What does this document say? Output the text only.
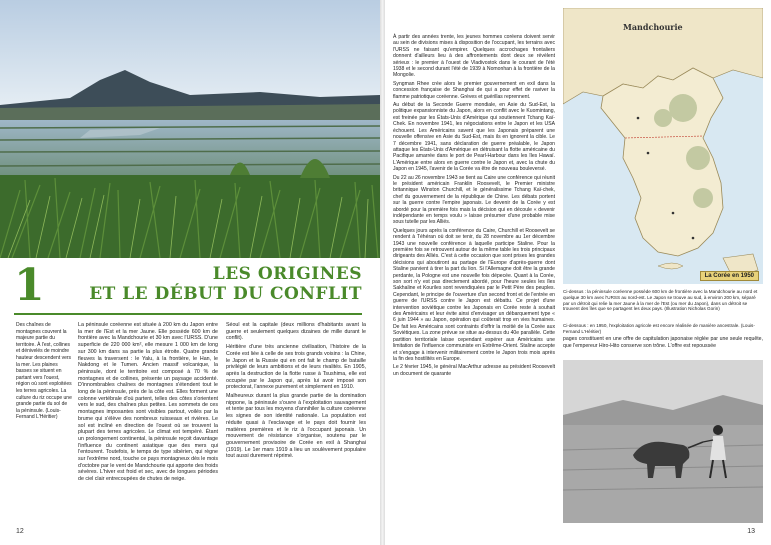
1	LES ORIGINES
ET LE DÉBUT DU CONFLIT
Des chaînes de montagnes couvrent la majeure partie du territoire. À l'est, collines et dénivelés de moindre hauteur descendent vers la mer. Les plaines basses se situent en partant vers l'ouest, région où sont exploitées les terres agricoles. La culture du riz occupe une grande partie du sol de la péninsule. (Louis-Fernand L'Héritier)

La péninsule coréenne est située à 200 km du Japon entre la mer de l'Est et la mer Jaune. Elle possède 600 km de frontière avec la Mandchourie et 30 km avec l'URSS. D'une superficie de 220 000 km², elle mesure 1 000 km de long sur 300 km dans sa partie la plus étroite. Quatre grands fleuves la traversent : le Yalu, à la frontière, le Han, le Nakdong et le Tumen. Ancien massif volcanique, la péninsule, dont le territoire est composé à 70 % de montagnes et de collines, présente un paysage accidenté. D'innombrables chaînes de montagnes s'étendent tout le long de la péninsule, près de la côte est. Elles forment une colonne vertébrale d'où partent, telles des côtes s'orientent vers le sud, des chaînes plus petites. Les sommets de ces montagnes imposantes sont visibles partout, voilés par la brume qui s'élève des nombreux ruisseaux et rivières. Le sol est incliné en direction de l'ouest où se trouvent la plupart des terres agricoles. Le climat est tempéré. Étant un prolongement continental, la péninsule reçoit davantage l'influence du continent asiatique que des mers qui l'entourent. Toutefois, le temps de type sibérien, qui règne sur l'extrême nord, touche ce pays montagneux dès le mois d'octobre par le vent de Mandchourie qui apporte des froids sévères. L'hiver est froid et sec, avec de longues périodes de ciel clair entrecoupées de chutes de neige.

Séoul est la capitale (deux millions d'habitants avant la guerre et seulement quelques dizaines de mille durant le conflit).

Héritière d'une très ancienne civilisation, l'histoire de la Corée est liée à celle de ses trois grands voisins : la Chine, le Japon et la Russie qui en ont fait le champ de bataille privilégié de leurs ambitions et de leurs rivalités. En 1905, après la destruction de la flotte russe à Tsushima, elle est occupée par le Japon qui, après lui avoir imposé son protectorat, l'annexe purement et simplement en 1910.

Malheureux durant la plus grande partie de la domination nippone, la péninsule s'ouvre à l'exploitation sauvagement et tente par tous les moyens d'annihiler la culture coréenne les signes de son identité nationale. La population est réduite quasi à l'esclavage et le pays doit fournir les matières premières et le riz à l'occupant japonais. Un mouvement de résistance s'organise, soutenu par le gouvernement provisoire de Corée en exil à Shanghai (1919). Le 1er mars 1919 a lieu un soulèvement populaire tout aussi durement réprimé.

12

À partir des années trente, les jeunes hommes coréens doivent servir au sein de divisions mises à disposition de l'occupant, les terrains avec l'URSS ne faisant qu'empirer. Quelques accrochages frontaliers donnent d'ailleurs lieu à des affrontements dont deux se révèlent sérieux : le premier à l'ouest de Vladivostok dans le courant de l'été 1938 et le second durant l'été de 1939 à Nomonhan à la frontière de la Mongolie.

Syngman Rhee crée alors le premier gouvernement en exil dans la concession française de Shanghai de qui a pour effet de raviver la flamme patriotique coréenne. Grèves et guérillas reprennent.

Au début de la Seconde Guerre mondiale, en Asie du Sud-Est, la politique expansionniste du Japon, alors en conflit avec le Kuomintang, est freinée par les États-Unis d'Amérique qui soutiennent Tchang Kaï-Chek. En novembre 1941, les négociations entre le Japon et les USA échouent. Les Américains savent que les Japonais préparent une nouvelle offensive en Asie du Sud-Est, mais ils en ignorent la cible. Le 7 décembre 1941, sans déclaration de guerre préalable, le Japon attaque les États-Unis d'Amérique en détruisant la flotte américaine du Pacifique amarrée dans le port de Pearl-Harbour dans les îles Hawaï. L'Amérique entre alors en guerre contre le Japon et, avec la chute du Japon en 1945, l'avenir de la Corée va être de nouveau bouleversé.

Du 22 au 26 novembre 1943 se tient au Caire une conférence qui réunit le président américain Franklin Roosevelt, le Premier ministre britannique Winston Churchill, et le généralissime Tchang Kaï-chek, chef du gouvernement de la république de Chine. Les débats portent sur la guerre contre l'empire japonais. Le devenir de la Corée y est abordé pour la première fois mais la décision qui en découle « devenir indépendante en temps voulu » laisse présumer d'une probable mise sous tutelle par les Alliés.

Quelques jours après la conférence du Caire, Churchill et Roosevelt se rendent à Téhéran où doit se tenir, du 28 novembre au 1er décembre 1943 une nouvelle conférence à laquelle participe Staline. Pour la première fois se retrouvent autour de la même table les trois principaux dirigeants des Alliés. C'est à cette occasion que sont prises les grandes décisions qui aboutiront au partage de l'Europe d'après-guerre dont Staline parvient à tirer la part du lion. Si l'Allemagne doit être la grande perdante, la Pologne est une nouvelle fois dépecée. Quant à la Corée, son sort n'y est pas directement abordé, pour l'heure seules les îles Sakhaline et Kouriles sont revendiquées par le Petit Père des peuples. Cependant, le principe de l'ouverture d'un second front et de l'entrée en guerre de l'URSS contre le Japon est débattu. Ce projet d'une intervention soviétique contre les Japonais en Corée reste à souhait des Américains et leur évite ainsi d'envisager un débarquement type « 6 juin 1944 » au Japon, opération qui coûterait trop en vies humaines. De fait les Américains sont contraints d'offrir la moitié de la Corée aux Soviétiques. La zone prévue se situe au-dessus du 40e parallèle. Cette partition territoriale laisse cependant espérer aux Américains une limitation de l'influence communiste en Extrême-Orient. Staline accepte et s'engage à intervenir militairement contre le Japon trois mois après la fin des hostilités en Europe.

Le 2 février 1945, le général MacArthur adresse au président Roosevelt un document de quarante

Mandchourie
La Corée en 1950
Ci-dessus : la péninsule coréenne possède 600 km de frontière avec la Mandchourie au nord et quelque 30 km avec l'URSS au nord-est. Le Japon se trouve au sud, à environ 200 km, séparé par un détroit qui relie la mer Jaune à la mer de l'Est (ou mer du Japon), dans un détroit se trouvent des îles que se partagent les deux pays. (Illustration Nicholas Gorin)
Ci-dessous : en 1950, l'exploitation agricole est encore réalisée de manière ancestrale. (Louis-Fernand L'Héritier)

pages constituent en une offre de capitulation japonaise réglée par une seule requête, que l'empereur Hiro-Hito conserve son trône. L'offre est repoussée

13
